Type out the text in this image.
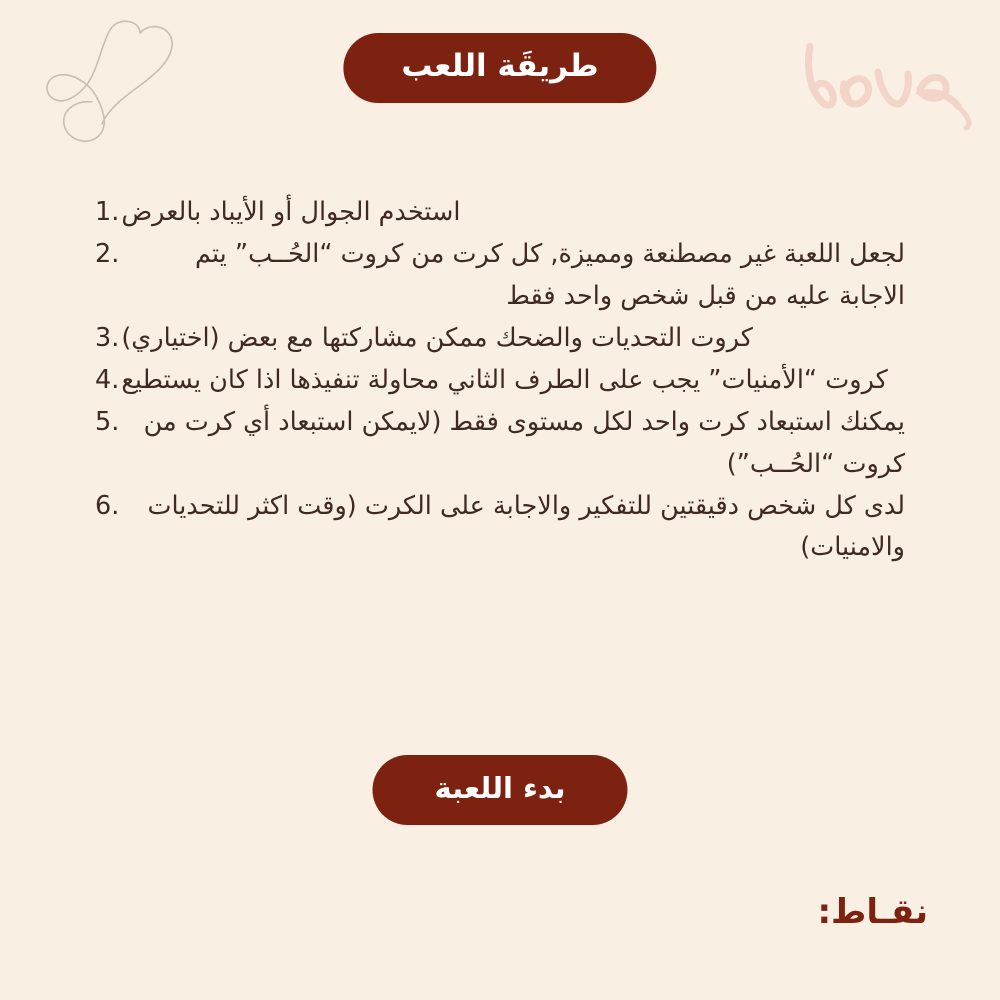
طريقَة اللعب
استخدم الجوال أو الأيباد بالعرض
1.
لجعل اللعبة غير مصطنعة ومميزة, كل كرت من كروت “الحُــب” يتم الاجابة عليه من قبل شخص واحد فقط
2.
كروت التحديات والضحك ممكن مشاركتها مع بعض (اختياري)
3.
كروت “الأمنيات” يجب على الطرف الثاني محاولة تنفيذها اذا كان يستطيع
4.
يمكنك استبعاد كرت واحد لكل مستوى فقط (لايمكن استبعاد أي كرت من كروت “الحُــب”)
5.
لدى كل شخص دقيقتين للتفكير والاجابة على الكرت (وقت اكثر للتحديات والامنيات)
6.
بدء اللعبة
نقـاط:
